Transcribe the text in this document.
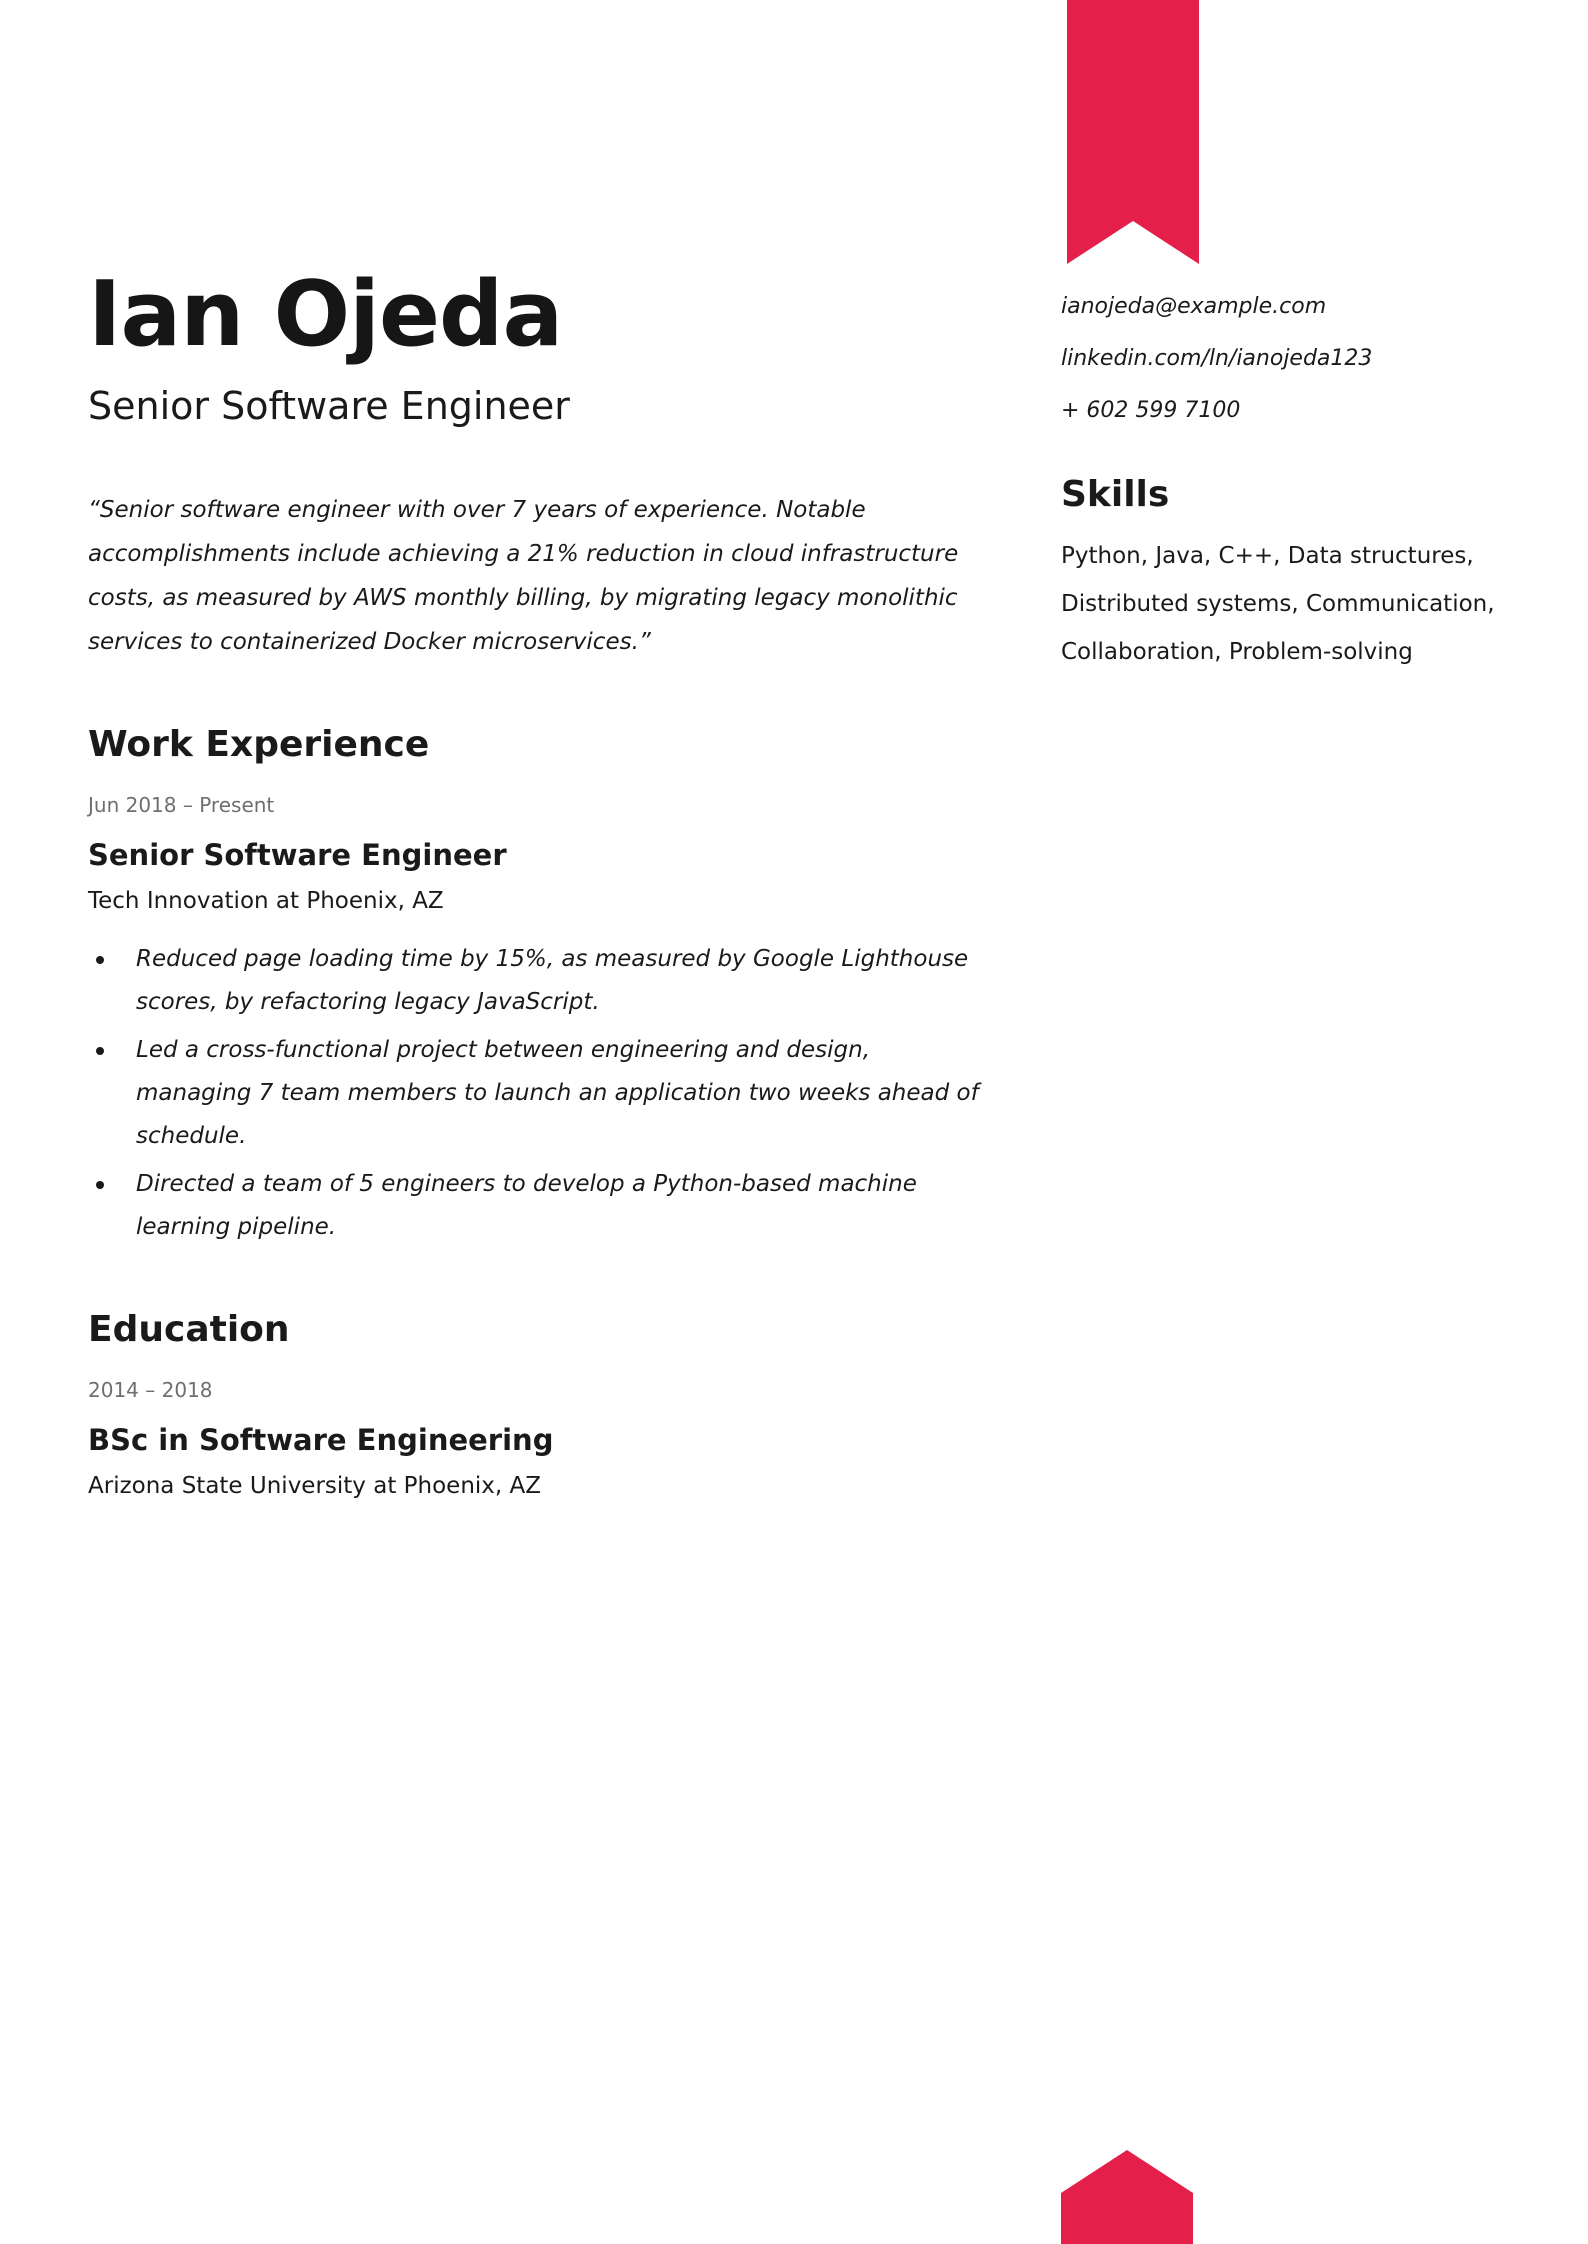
Ian Ojeda
Senior Software Engineer

“Senior software engineer with over 7 years of experience. Notable accomplishments include achieving a 21% reduction in cloud infrastructure costs, as measured by AWS monthly billing, by migrating legacy monolithic services to containerized Docker microservices.”

Work Experience
Jun 2018 – Present
Senior Software Engineer
Tech Innovation at Phoenix, AZ
Reduced page loading time by 15%, as measured by Google Lighthouse scores, by refactoring legacy JavaScript.
Led a cross-functional project between engineering and design, managing 7 team members to launch an application two weeks ahead of schedule.
Directed a team of 5 engineers to develop a Python-based machine learning pipeline.
Education
2014 – 2018
BSc in Software Engineering
Arizona State University at Phoenix, AZ
ianojeda@example.com
linkedin.com/ln/ianojeda123
+ 602 599 7100
Skills
Python, Java, C++, Data structures, Distributed systems, Communication, Collaboration, Problem-solving
